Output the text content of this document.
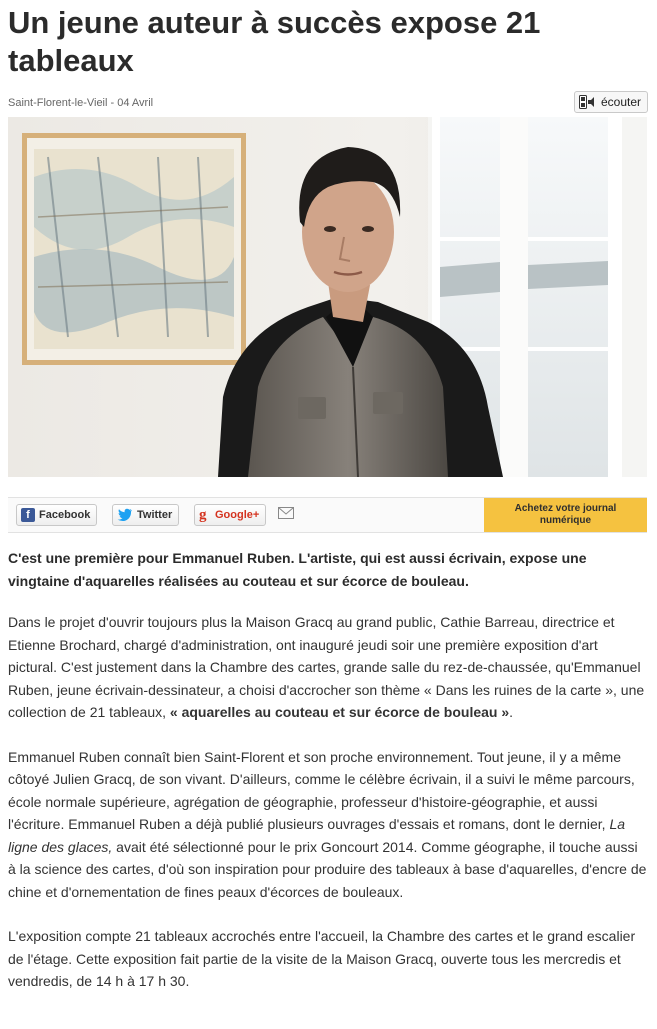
Un jeune auteur à succès expose 21 tableaux
Saint-Florent-le-Vieil - 04 Avril	écouter
f Facebook	Twitter g Google+
Achetez votre journal
numérique

C'est une première pour Emmanuel Ruben. L'artiste, qui est aussi écrivain, expose une vingtaine d'aquarelles réalisées au couteau et sur écorce de bouleau.

Dans le projet d'ouvrir toujours plus la Maison Gracq au grand public, Cathie Barreau, directrice et Etienne Brochard, chargé d'administration, ont inauguré jeudi soir une première exposition d'art pictural. C'est justement dans la Chambre des cartes, grande salle du rez-de-chaussée, qu'Emmanuel Ruben, jeune écrivain-dessinateur, a choisi d'accrocher son thème « Dans les ruines de la carte », une collection de 21 tableaux, « aquarelles au couteau et sur écorce de bouleau ».

Emmanuel Ruben connaît bien Saint-Florent et son proche environnement. Tout jeune, il y a même côtoyé Julien Gracq, de son vivant. D'ailleurs, comme le célèbre écrivain, il a suivi le même parcours, école normale supérieure, agrégation de géographie, professeur d'histoire-géographie, et aussi l'écriture. Emmanuel Ruben a déjà publié plusieurs ouvrages d'essais et romans, dont le dernier, La ligne des glaces, avait été sélectionné pour le prix Goncourt 2014. Comme géographe, il touche aussi à la science des cartes, d'où son inspiration pour produire des tableaux à base d'aquarelles, d'encre de chine et d'ornementation de fines peaux d'écorces de bouleaux.

L'exposition compte 21 tableaux accrochés entre l'accueil, la Chambre des cartes et le grand escalier de l'étage. Cette exposition fait partie de la visite de la Maison Gracq, ouverte tous les mercredis et vendredis, de 14 h à 17 h 30.
